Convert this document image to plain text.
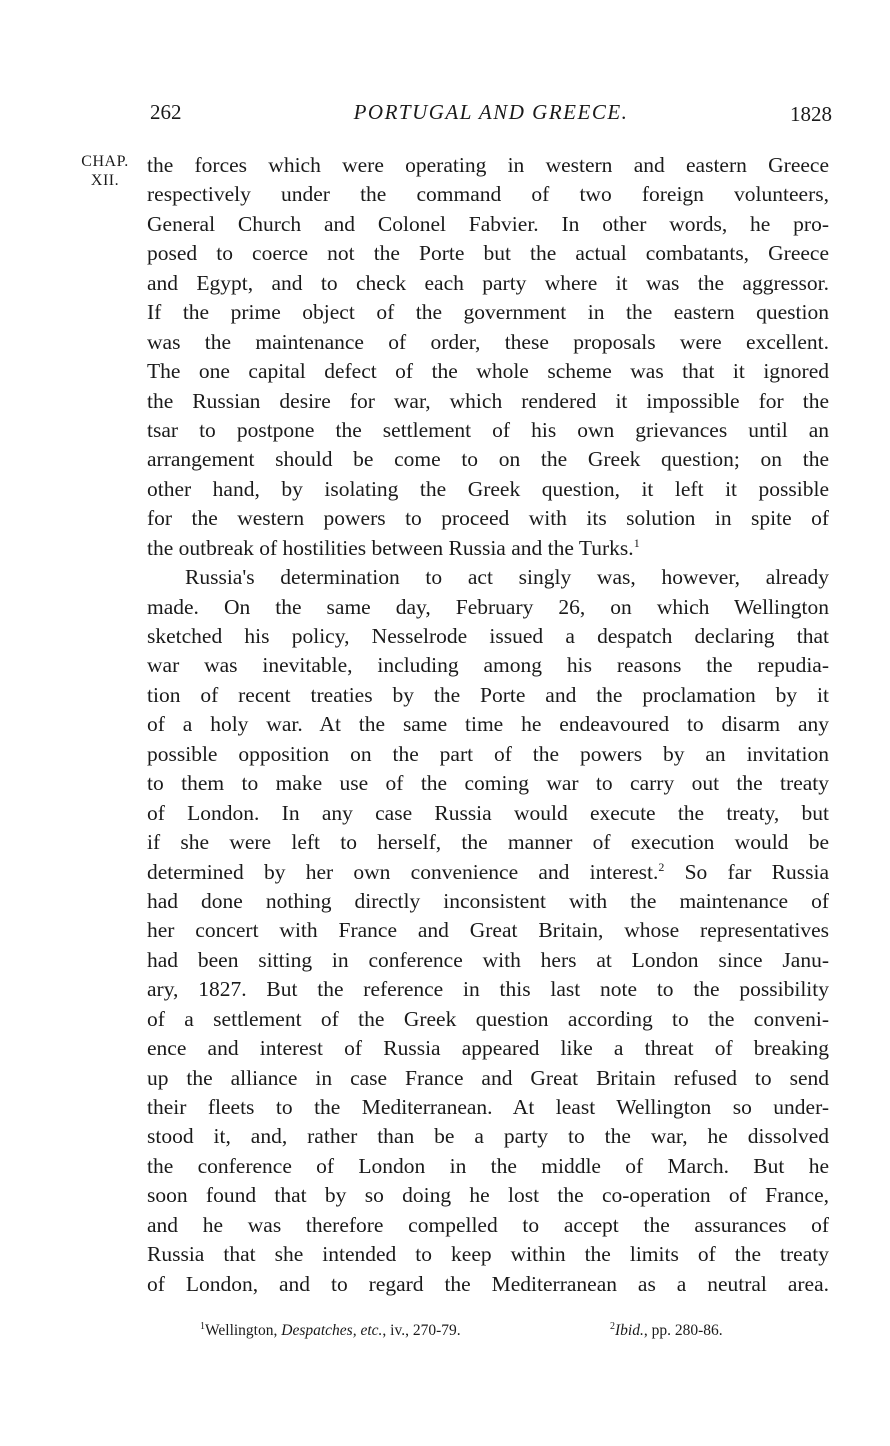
262	PORTUGAL AND GREECE.	1828
CHAP.
XII.
the forces which were operating in western and eastern Greece
respectively under the command of two foreign volunteers,
General Church and Colonel Fabvier. In other words, he pro-
posed to coerce not the Porte but the actual combatants, Greece
and Egypt, and to check each party where it was the aggressor.
If the prime object of the government in the eastern question
was the maintenance of order, these proposals were excellent.
The one capital defect of the whole scheme was that it ignored
the Russian desire for war, which rendered it impossible for the
tsar to postpone the settlement of his own grievances until an
arrangement should be come to on the Greek question; on the
other hand, by isolating the Greek question, it left it possible
for the western powers to proceed with its solution in spite of
the outbreak of hostilities between Russia and the Turks.$^1$
Russia's determination to act singly was, however, already
made. On the same day, February 26, on which Wellington
sketched his policy, Nesselrode issued a despatch declaring that
war was inevitable, including among his reasons the repudia-
tion of recent treaties by the Porte and the proclamation by it
of a holy war. At the same time he endeavoured to disarm any
possible opposition on the part of the powers by an invitation
to them to make use of the coming war to carry out the treaty
of London. In any case Russia would execute the treaty, but
if she were left to herself, the manner of execution would be
determined by her own convenience and interest.$^2$ So far Russia
had done nothing directly inconsistent with the maintenance of
her concert with France and Great Britain, whose representatives
had been sitting in conference with hers at London since Janu-
ary, 1827. But the reference in this last note to the possibility
of a settlement of the Greek question according to the conveni-
ence and interest of Russia appeared like a threat of breaking
up the alliance in case France and Great Britain refused to send
their fleets to the Mediterranean. At least Wellington so under-
stood it, and, rather than be a party to the war, he dissolved
the conference of London in the middle of March. But he
soon found that by so doing he lost the co-operation of France,
and he was therefore compelled to accept the assurances of
Russia that she intended to keep within the limits of the treaty
of London, and to regard the Mediterranean as a neutral area.
$^1$Wellington, Despatches, etc., iv., 270-79.	$^2$Ibid., pp. 280-86.
